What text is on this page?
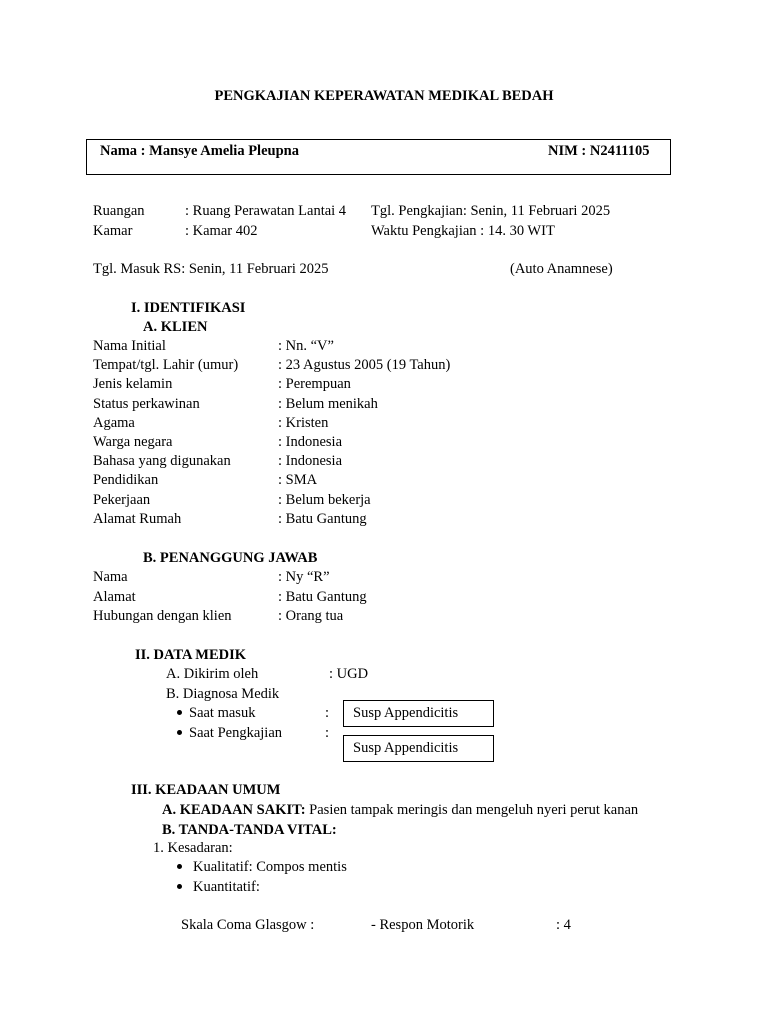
PENGKAJIAN KEPERAWATAN MEDIKAL BEDAH
Nama : Mansye Amelia Pleupna	NIM : N2411105
Ruangan	: Ruang Perawatan Lantai 4 Tgl. Pengkajian: Senin, 11 Februari 2025
Kamar	: Kamar 402	Waktu Pengkajian : 14. 30 WIT
Tgl. Masuk RS: Senin, 11 Februari 2025	(Auto Anamnese)
I. IDENTIFIKASI
A. KLIEN
Nama Initial	: Nn. “V”
Tempat/tgl. Lahir (umur)	: 23 Agustus 2005 (19 Tahun)
Jenis kelamin	: Perempuan
Status perkawinan	: Belum menikah
Agama	: Kristen
Warga negara	: Indonesia
Bahasa yang digunakan	: Indonesia
Pendidikan	: SMA
Pekerjaan	: Belum bekerja
Alamat Rumah	: Batu Gantung
B. PENANGGUNG JAWAB
Nama	: Ny “R”
Alamat	: Batu Gantung
Hubungan dengan klien	: Orang tua
II. DATA MEDIK
A. Dikirim oleh	: UGD
B. Diagnosa Medik
Saat masuk	: Susp Appendicitis
Saat Pengkajian	:
Susp Appendicitis
III. KEADAAN UMUM
A. KEADAAN SAKIT: Pasien tampak meringis dan mengeluh nyeri perut kanan
B. TANDA-TANDA VITAL:
1. Kesadaran:
Kualitatif: Compos mentis
Kuantitatif:
Skala Coma Glasgow :	- Respon Motorik	: 4
